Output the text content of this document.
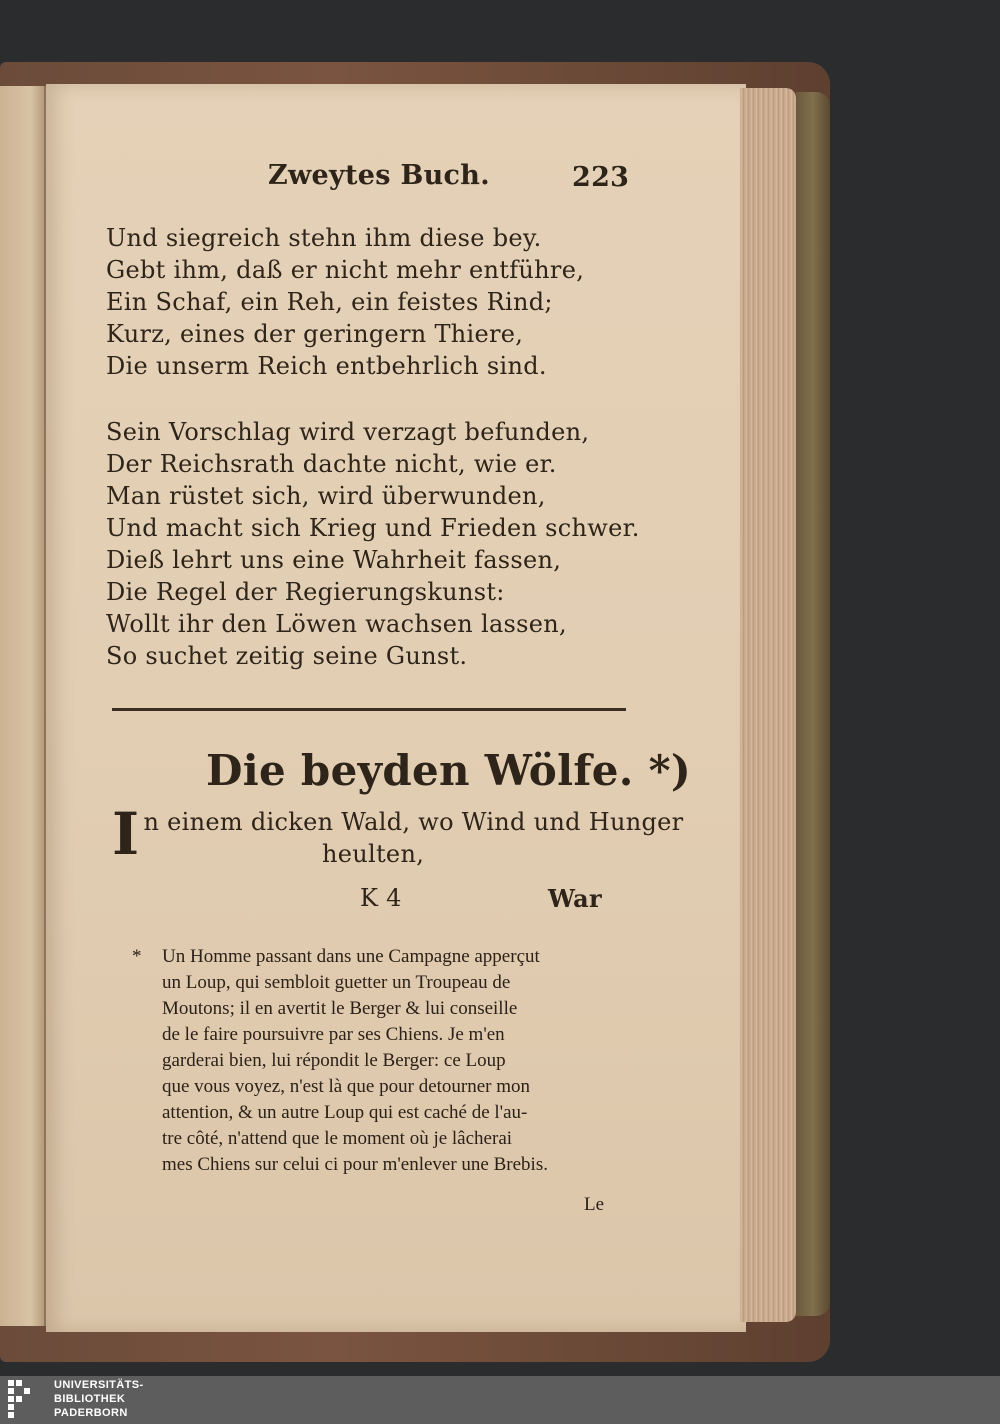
Zweytes Buch.	223
Und siegreich stehn ihm diese bey.
Gebt ihm, daß er nicht mehr entführe,
Ein Schaf, ein Reh, ein feistes Rind;
Kurz, eines der geringern Thiere,
Die unserm Reich entbehrlich sind.
Sein Vorschlag wird verzagt befunden,
Der Reichsrath dachte nicht, wie er.
Man rüstet sich, wird überwunden,
Und macht sich Krieg und Frieden schwer.
Dieß lehrt uns eine Wahrheit fassen,
Die Regel der Regierungskunst:
Wollt ihr den Löwen wachsen lassen,
So suchet zeitig seine Gunst.
Die beyden Wölfe. *)
I n einem dicken Wald, wo Wind und Hunger
heulten,
K 4	War
* Un Homme passant dans une Campagne apperçut
un Loup, qui sembloit guetter un Troupeau de
Moutons; il en avertit le Berger & lui conseille
de le faire poursuivre par ses Chiens. Je m'en
garderai bien, lui répondit le Berger: ce Loup
que vous voyez, n'est là que pour detourner mon
attention, & un autre Loup qui est caché de l'au-
tre côté, n'attend que le moment où je lâcherai
mes Chiens sur celui ci pour m'enlever une Brebis.
Le
UNIVERSITÄTS-
BIBLIOTHEK
PADERBORN
